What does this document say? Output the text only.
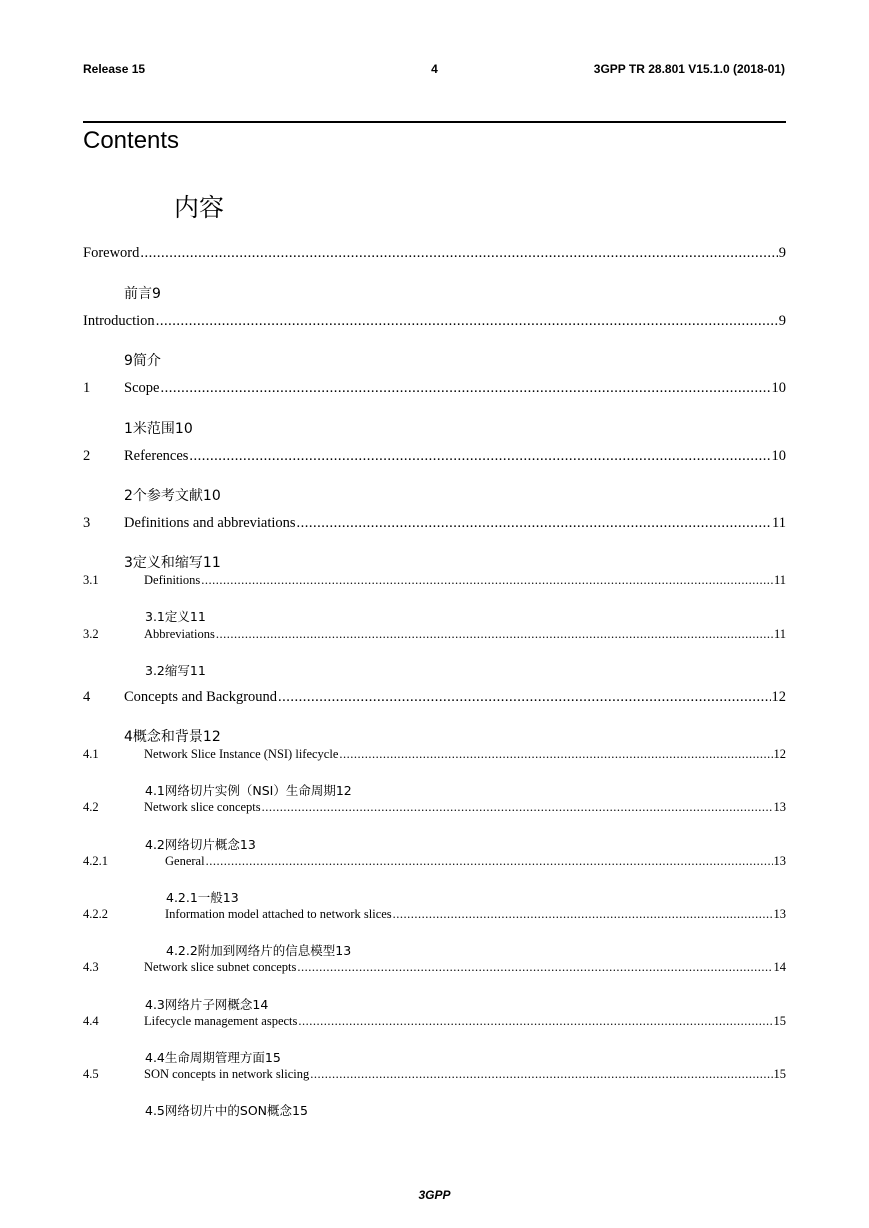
Release 15	4	3GPP TR 28.801 V15.1.0 (2018-01)
Contents
内容
Foreword .....	9
前言9
Introduction .....	9
9简介
1	Scope .....	10
1米范围10
2	References .....	10
2个参考文献10
3	Definitions and abbreviations .....	11
3定义和缩写11
3.1	Definitions .....	11
3.1定义11
3.2	Abbreviations .....	11
3.2缩写11
4	Concepts and Background .....	12
4概念和背景12
4.1	Network Slice Instance (NSI) lifecycle .....	12
4.1网络切片实例（NSI）生命周期12
4.2	Network slice concepts .....	13
4.2网络切片概念13
4.2.1	General .....	13
4.2.1一般13
4.2.2	Information model attached to network slices .....	13
4.2.2附加到网络片的信息模型13
4.3	Network slice subnet concepts .....	14
4.3网络片子网概念14
4.4	Lifecycle management aspects .....	15
4.4生命周期管理方面15
4.5	SON concepts in network slicing .....	15
4.5网络切片中的SON概念15
3GPP
